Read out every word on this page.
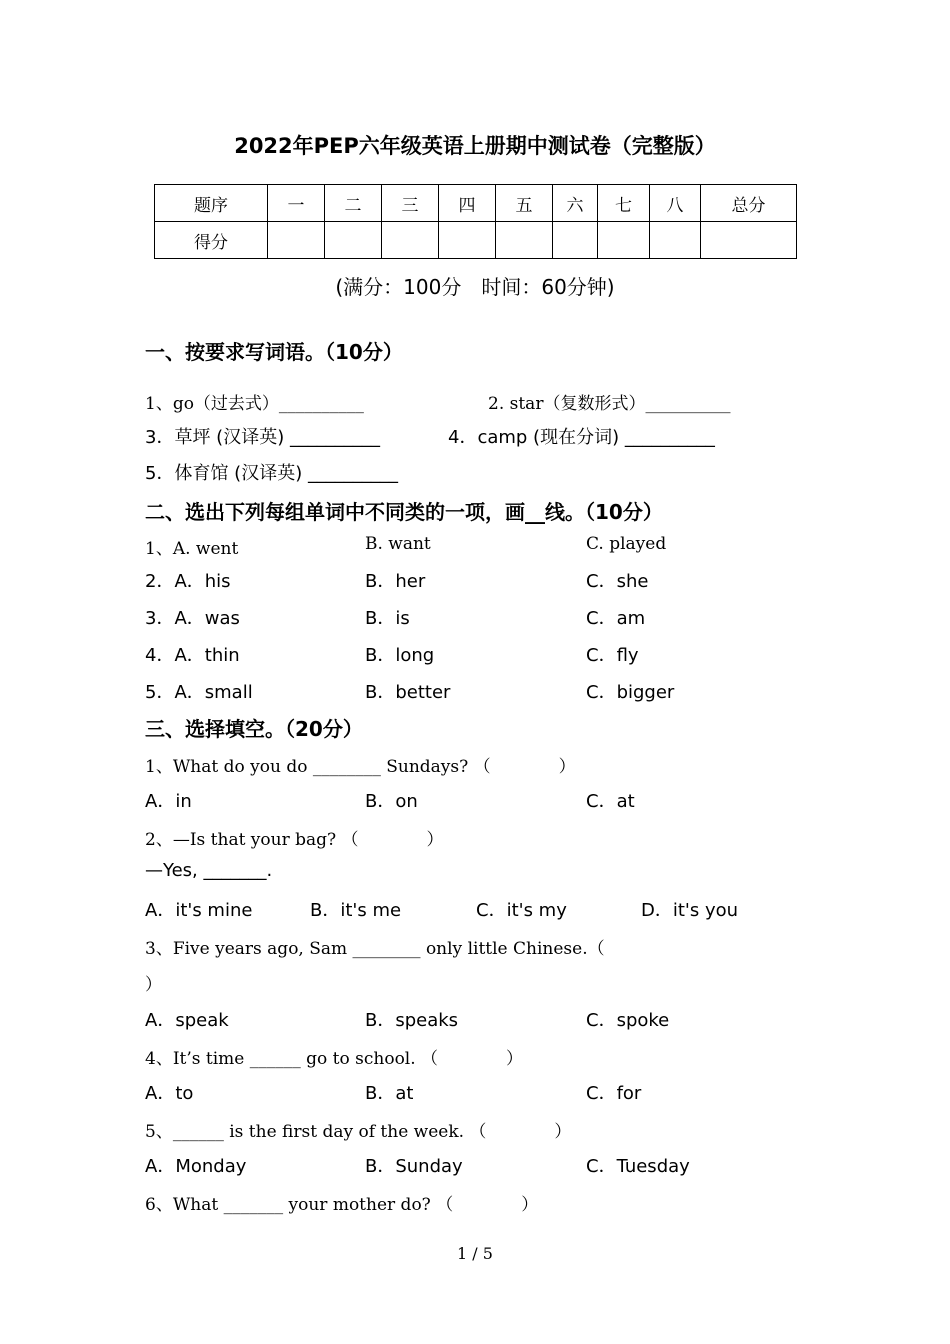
2022年PEP六年级英语上册期中测试卷（完整版）
题序	一	二	三	四	五	六	七	八	总分
得分									
(满分：100分　时间：60分钟)
一、按要求写词语。（10分）
1、go（过去式）__________	2. star（复数形式）__________
3．草坪 (汉译英) __________	4．camp (现在分词) __________
5．体育馆 (汉译英) __________
二、选出下列每组单词中不同类的一项，画__线。（10分）
1、A. went	B. want	C. played
2．A．his	B．her	C．she
3．A．was	B．is	C．am
4．A．thin	B．long	C．fly
5．A．small	B．better	C．bigger
三、选择填空。（20分）
1、What do you do ________ Sundays? （　　　　）
A．in	B．on	C．at
2、—Is that your bag? （　　　　）
—Yes, _______.
A．it's mine	B．it's me	C．it's my	D．it's you
3、Five years ago, Sam ________ only little Chinese.（
）
A．speak	B．speaks	C．spoke
4、It’s time ______ go to school. （　　　　）
A．to	B．at	C．for
5、______ is the first day of the week. （　　　　）
A．Monday	B．Sunday	C．Tuesday
6、What _______ your mother do? （　　　　）
1 / 5
